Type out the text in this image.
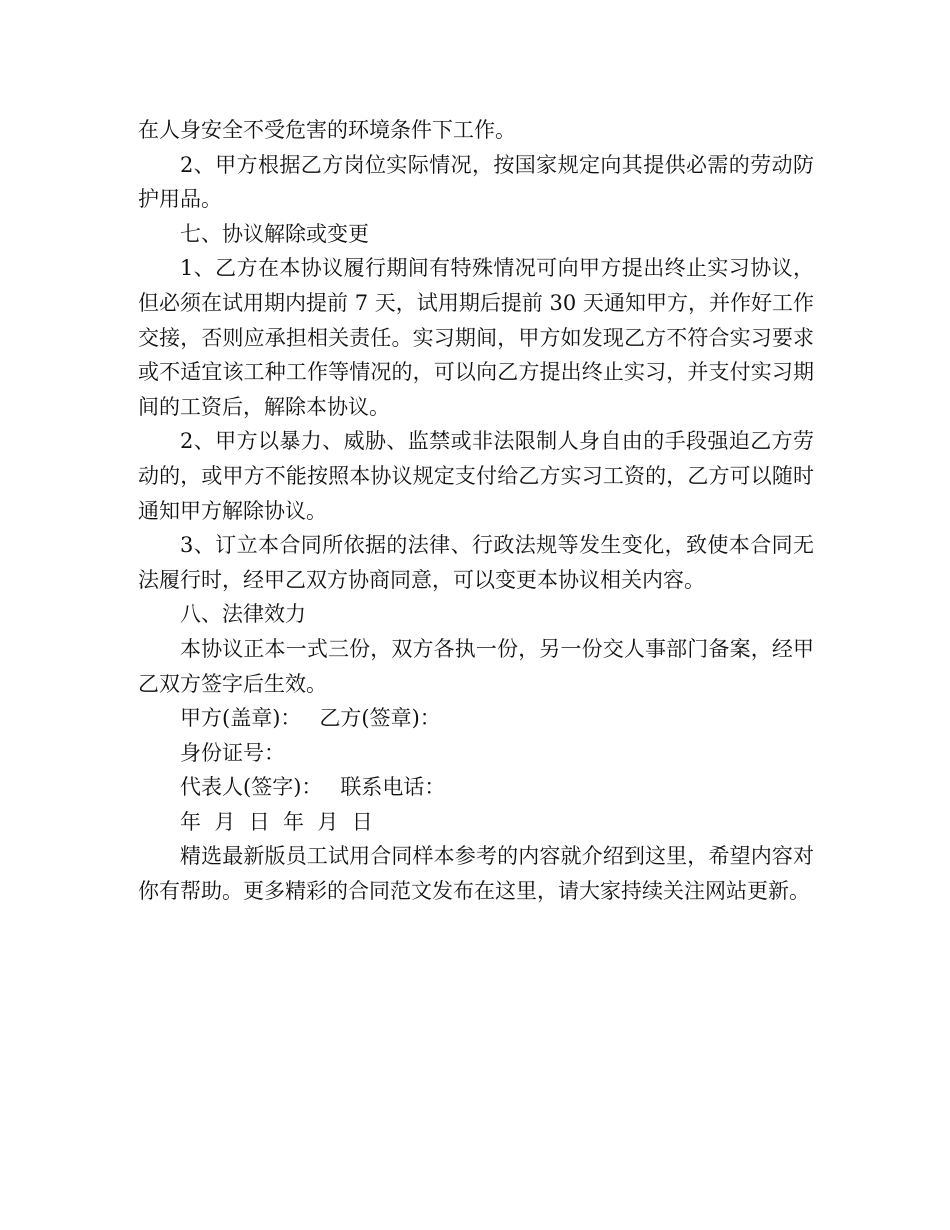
在人身安全不受危害的环境条件下工作。

2、甲方根据乙方岗位实际情况，按国家规定向其提供必需的劳动防护用品。

七、协议解除或变更

1、乙方在本协议履行期间有特殊情况可向甲方提出终止实习协议，但必须在试用期内提前 7 天，试用期后提前 30 天通知甲方，并作好工作交接，否则应承担相关责任。实习期间，甲方如发现乙方不符合实习要求或不适宜该工种工作等情况的，可以向乙方提出终止实习，并支付实习期间的工资后，解除本协议。

2、甲方以暴力、威胁、监禁或非法限制人身自由的手段强迫乙方劳动的，或甲方不能按照本协议规定支付给乙方实习工资的，乙方可以随时通知甲方解除协议。

3、订立本合同所依据的法律、行政法规等发生变化，致使本合同无法履行时，经甲乙双方协商同意，可以变更本协议相关内容。

八、法律效力

本协议正本一式三份，双方各执一份，另一份交人事部门备案，经甲乙双方签字后生效。

甲方(盖章)： 乙方(签章)：

身份证号：

代表人(签字)： 联系电话：

年  月  日  年  月  日

精选最新版员工试用合同样本参考的内容就介绍到这里，希望内容对你有帮助。更多精彩的合同范文发布在这里，请大家持续关注网站更新。
